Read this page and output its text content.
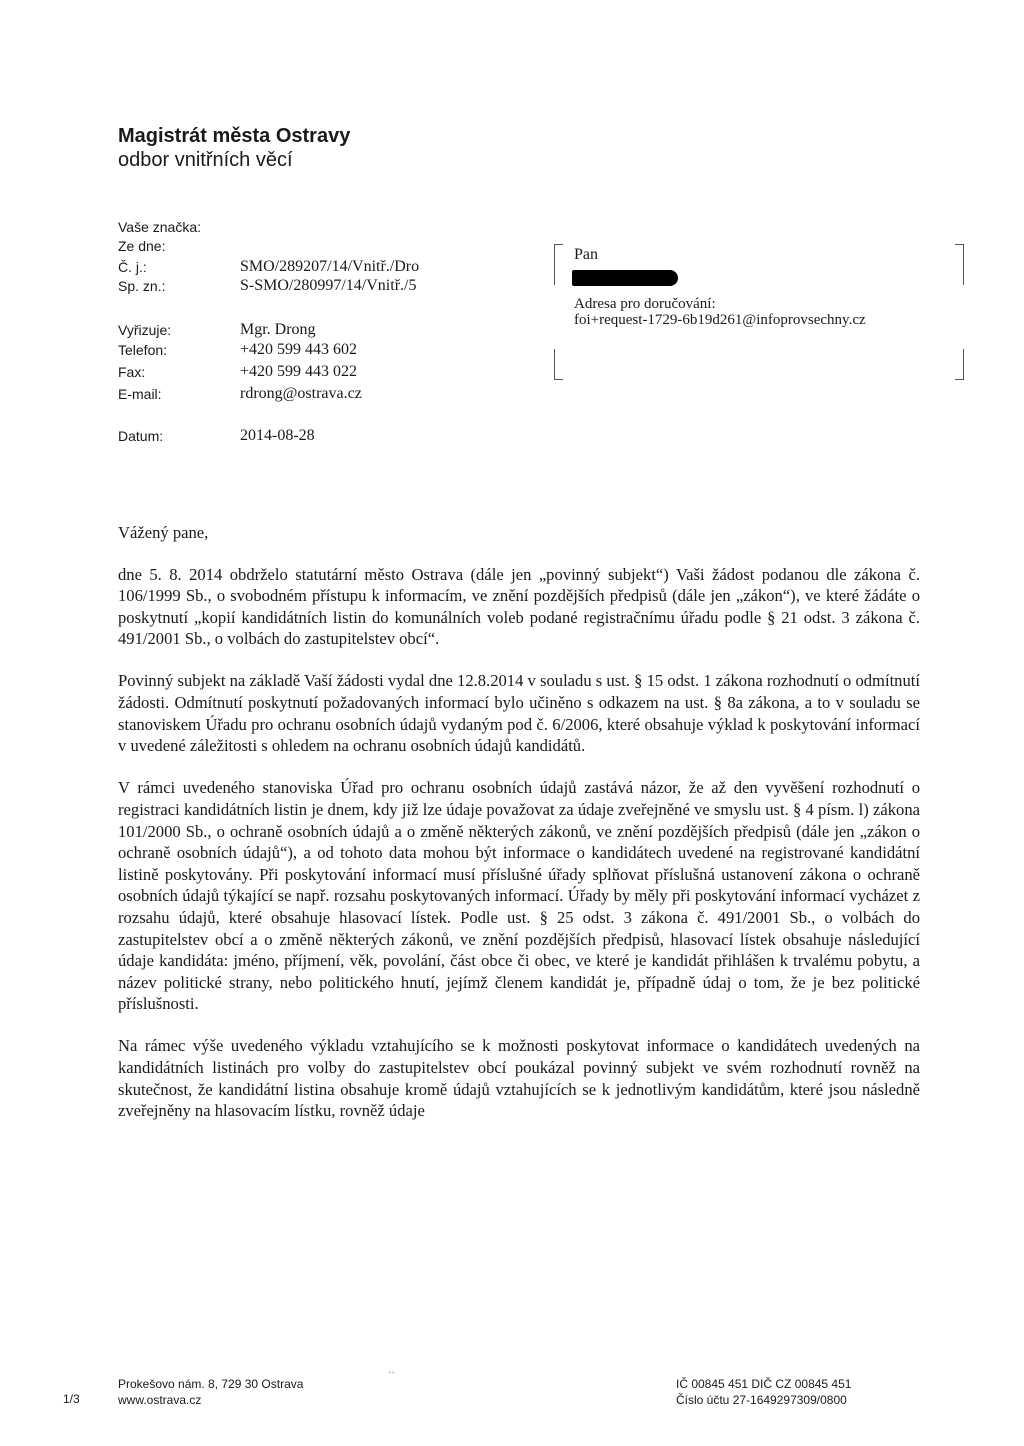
Magistrát města Ostravy
odbor vnitřních věcí
Vaše značka:
Ze dne:
Č. j.:
Sp. zn.:
Vyřizuje:
Telefon:
Fax:
E-mail:
Datum:
SMO/289207/14/Vnitř./Dro
S-SMO/280997/14/Vnitř./5
Mgr. Drong
+420 599 443 602
+420 599 443 022
rdrong@ostrava.cz
2014-08-28
Pan
Adresa pro doručování:
foi+request-1729-6b19d261@infoprovsechny.cz

Vážený pane,

dne 5. 8. 2014 obdrželo statutární město Ostrava (dále jen „povinný subjekt“) Vaši žádost podanou dle zákona č. 106/1999 Sb., o svobodném přístupu k informacím, ve znění pozdějších předpisů (dále jen „zákon“), ve které žádáte o poskytnutí „kopií kandidátních listin do komunálních voleb podané registračnímu úřadu podle § 21 odst. 3 zákona č. 491/2001 Sb., o volbách do zastupitelstev obcí“.

Povinný subjekt na základě Vaší žádosti vydal dne 12.8.2014 v souladu s ust. § 15 odst. 1 zákona rozhodnutí o odmítnutí žádosti. Odmítnutí poskytnutí požadovaných informací bylo učiněno s odkazem na ust. § 8a zákona, a to v souladu se stanoviskem Úřadu pro ochranu osobních údajů vydaným pod č. 6/2006, které obsahuje výklad k poskytování informací v uvedené záležitosti s ohledem na ochranu osobních údajů kandidátů.

V rámci uvedeného stanoviska Úřad pro ochranu osobních údajů zastává názor, že až den vyvěšení rozhodnutí o registraci kandidátních listin je dnem, kdy již lze údaje považovat za údaje zveřejněné ve smyslu ust. § 4 písm. l) zákona 101/2000 Sb., o ochraně osobních údajů a o změně některých zákonů, ve znění pozdějších předpisů (dále jen „zákon o ochraně osobních údajů“), a od tohoto data mohou být informace o kandidátech uvedené na registrované kandidátní listině poskytovány. Při poskytování informací musí příslušné úřady splňovat příslušná ustanovení zákona o ochraně osobních údajů týkající se např. rozsahu poskytovaných informací. Úřady by měly při poskytování informací vycházet z rozsahu údajů, které obsahuje hlasovací lístek. Podle ust. § 25 odst. 3 zákona č. 491/2001 Sb., o volbách do zastupitelstev obcí a o změně některých zákonů, ve znění pozdějších předpisů, hlasovací lístek obsahuje následující údaje kandidáta: jméno, příjmení, věk, povolání, část obce či obec, ve které je kandidát přihlášen k trvalému pobytu, a název politické strany, nebo politického hnutí, jejímž členem kandidát je, případně údaj o tom, že je bez politické příslušnosti.

Na rámec výše uvedeného výkladu vztahujícího se k možnosti poskytovat informace o kandidátech uvedených na kandidátních listinách pro volby do zastupitelstev obcí poukázal povinný subjekt ve svém rozhodnutí rovněž na skutečnost, že kandidátní listina obsahuje kromě údajů vztahujících se k jednotlivým kandidátům, které jsou následně zveřejněny na hlasovacím lístku, rovněž údaje

··
1/3
Prokešovo nám. 8, 729 30 Ostrava
www.ostrava.cz
IČ 00845 451 DIČ CZ 00845 451
Číslo účtu 27-1649297309/0800
